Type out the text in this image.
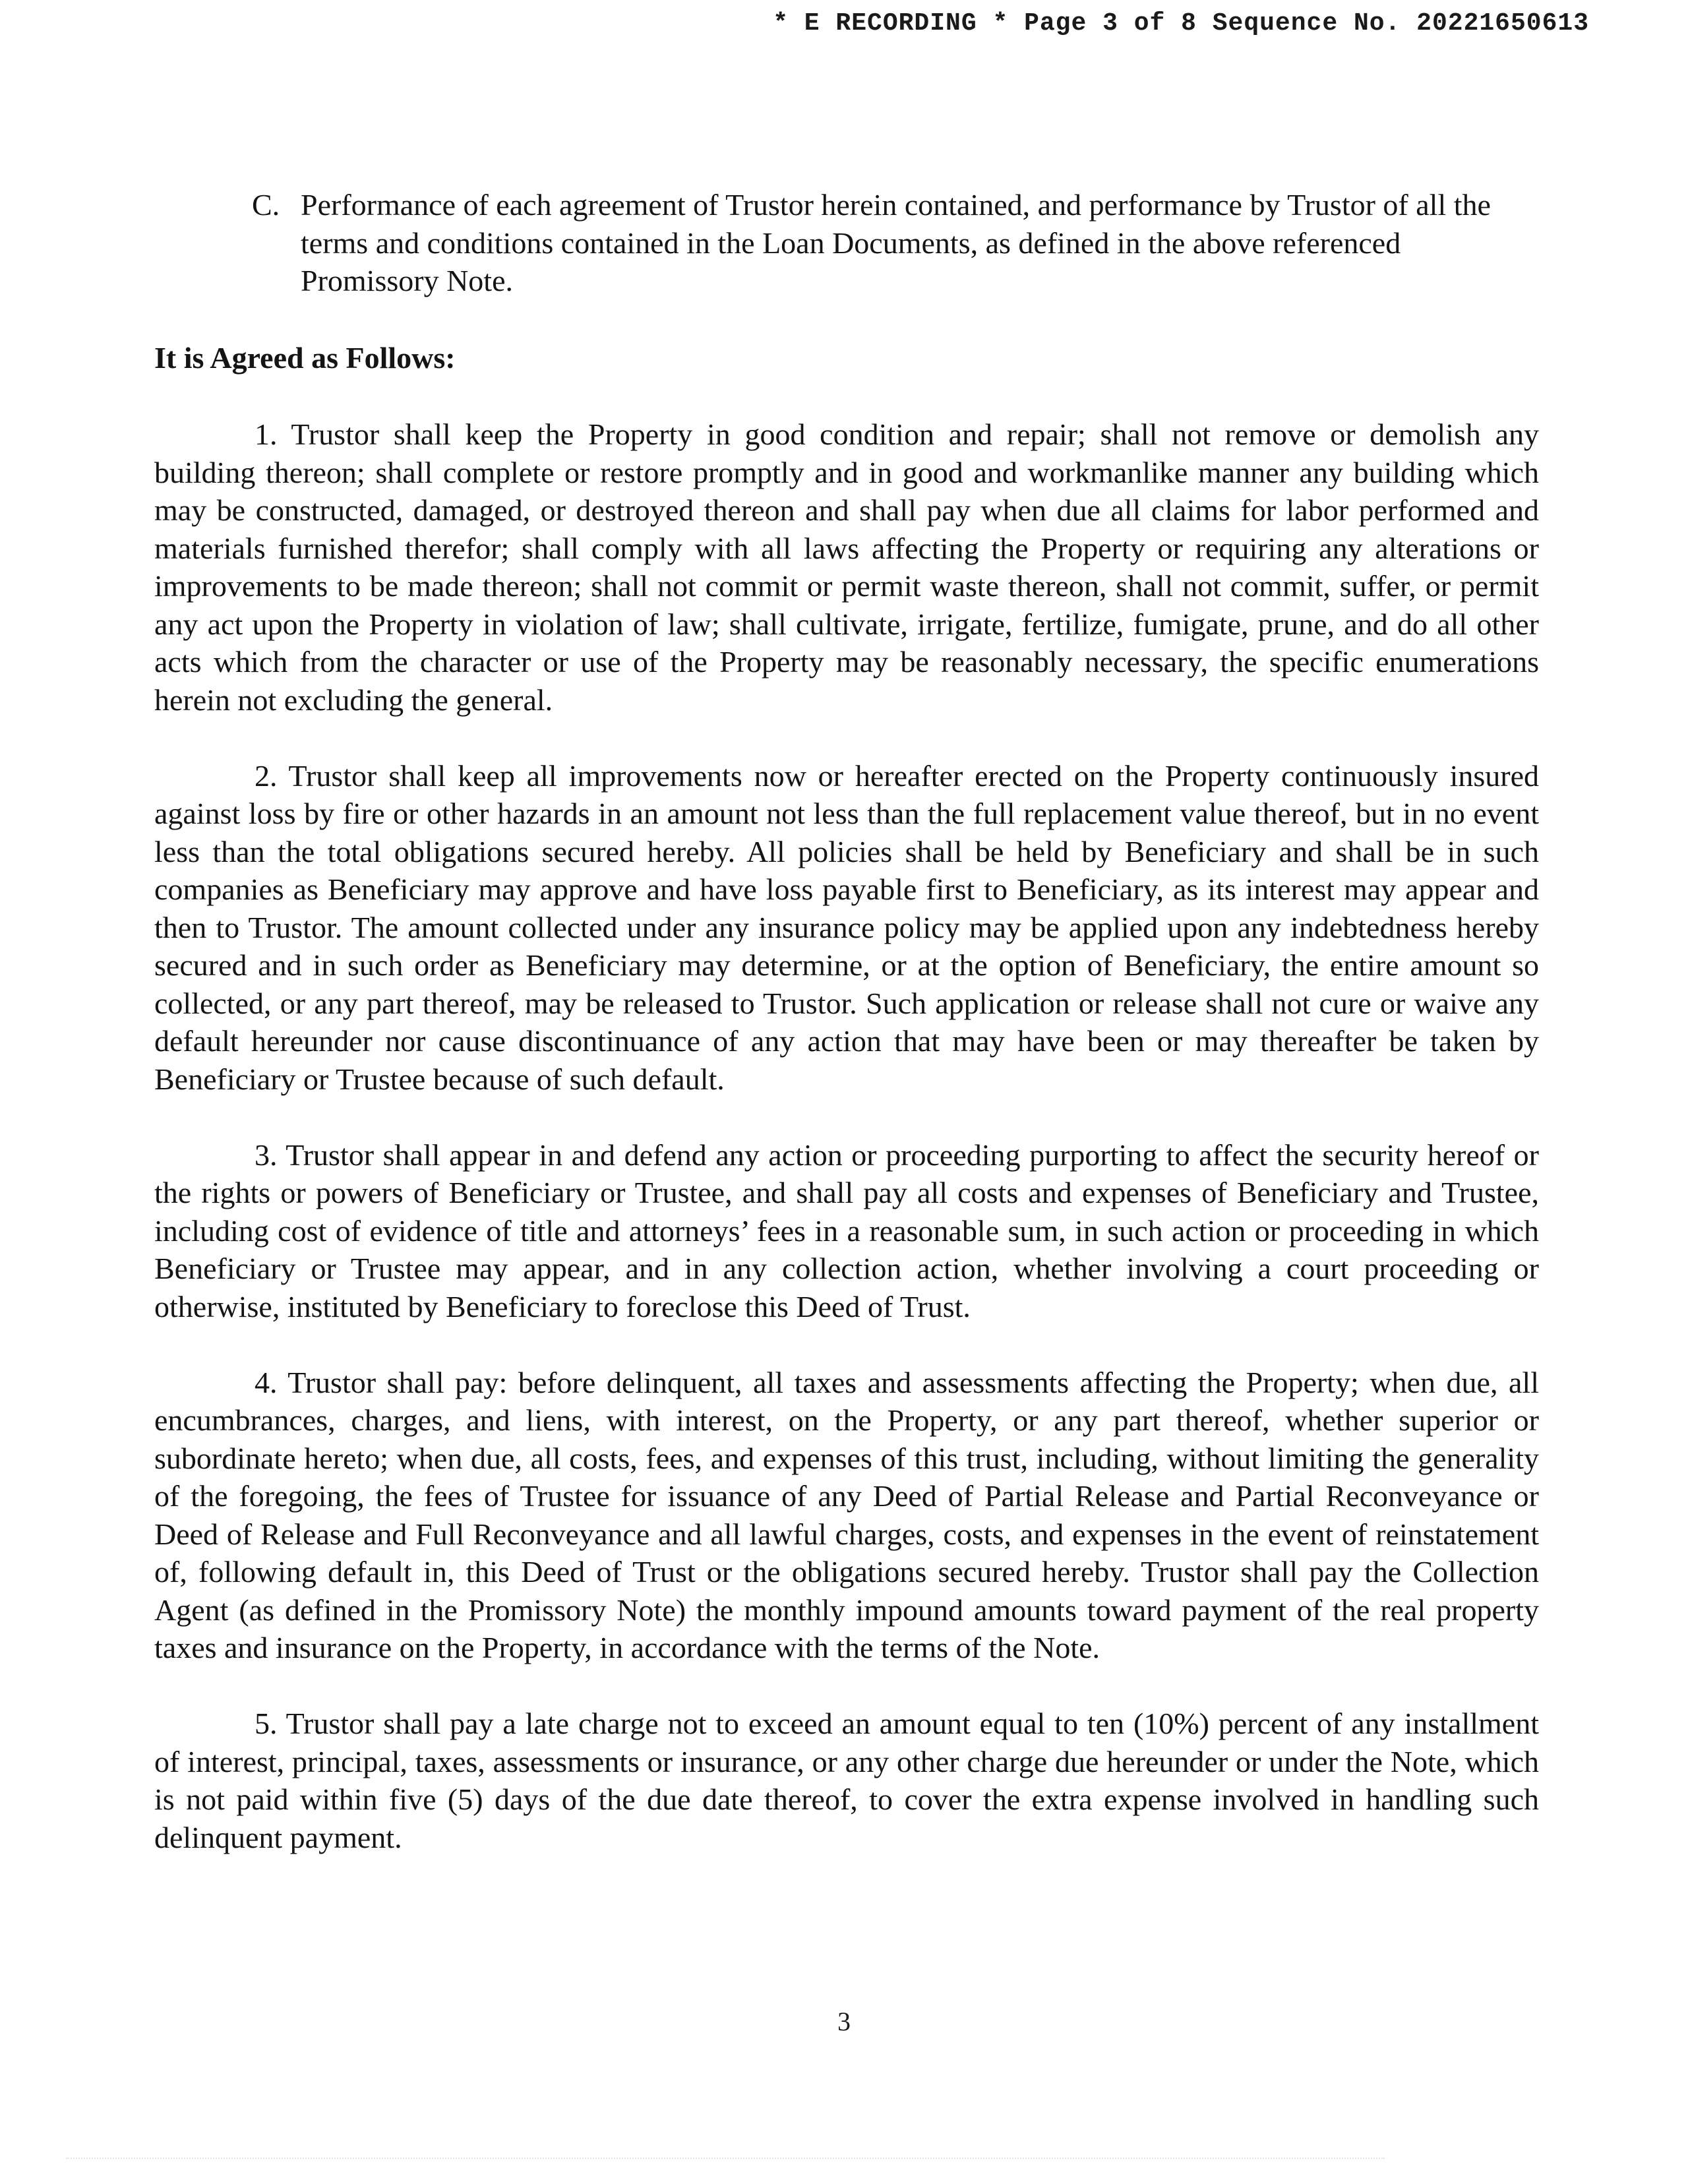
* E RECORDING * Page 3 of 8 Sequence No. 20221650613
C. Performance of each agreement of Trustor herein contained, and performance by Trustor of all the terms and conditions contained in the Loan Documents, as defined in the above referenced Promissory Note.
It is Agreed as Follows:

1. Trustor shall keep the Property in good condition and repair; shall not remove or demolish any building thereon; shall complete or restore promptly and in good and workmanlike manner any building which may be constructed, damaged, or destroyed thereon and shall pay when due all claims for labor performed and materials furnished therefor; shall comply with all laws affecting the Property or requiring any alterations or improvements to be made thereon; shall not commit or permit waste thereon, shall not commit, suffer, or permit any act upon the Property in violation of law; shall cultivate, irrigate, fertilize, fumigate, prune, and do all other acts which from the character or use of the Property may be reasonably necessary, the specific enumerations herein not excluding the general.

2. Trustor shall keep all improvements now or hereafter erected on the Property continuously insured against loss by fire or other hazards in an amount not less than the full replacement value thereof, but in no event less than the total obligations secured hereby. All policies shall be held by Beneficiary and shall be in such companies as Beneficiary may approve and have loss payable first to Beneficiary, as its interest may appear and then to Trustor. The amount collected under any insurance policy may be applied upon any indebtedness hereby secured and in such order as Beneficiary may determine, or at the option of Beneficiary, the entire amount so collected, or any part thereof, may be released to Trustor. Such application or release shall not cure or waive any default hereunder nor cause discontinuance of any action that may have been or may thereafter be taken by Beneficiary or Trustee because of such default.

3. Trustor shall appear in and defend any action or proceeding purporting to affect the security hereof or the rights or powers of Beneficiary or Trustee, and shall pay all costs and expenses of Beneficiary and Trustee, including cost of evidence of title and attorneys’ fees in a reasonable sum, in such action or proceeding in which Beneficiary or Trustee may appear, and in any collection action, whether involving a court proceeding or otherwise, instituted by Beneficiary to foreclose this Deed of Trust.

4. Trustor shall pay: before delinquent, all taxes and assessments affecting the Property; when due, all encumbrances, charges, and liens, with interest, on the Property, or any part thereof, whether superior or subordinate hereto; when due, all costs, fees, and expenses of this trust, including, without limiting the generality of the foregoing, the fees of Trustee for issuance of any Deed of Partial Release and Partial Reconveyance or Deed of Release and Full Reconveyance and all lawful charges, costs, and expenses in the event of reinstatement of, following default in, this Deed of Trust or the obligations secured hereby. Trustor shall pay the Collection Agent (as defined in the Promissory Note) the monthly impound amounts toward payment of the real property taxes and insurance on the Property, in accordance with the terms of the Note.

5. Trustor shall pay a late charge not to exceed an amount equal to ten (10%) percent of any installment of interest, principal, taxes, assessments or insurance, or any other charge due hereunder or under the Note, which is not paid within five (5) days of the due date thereof, to cover the extra expense involved in handling such delinquent payment.

3
